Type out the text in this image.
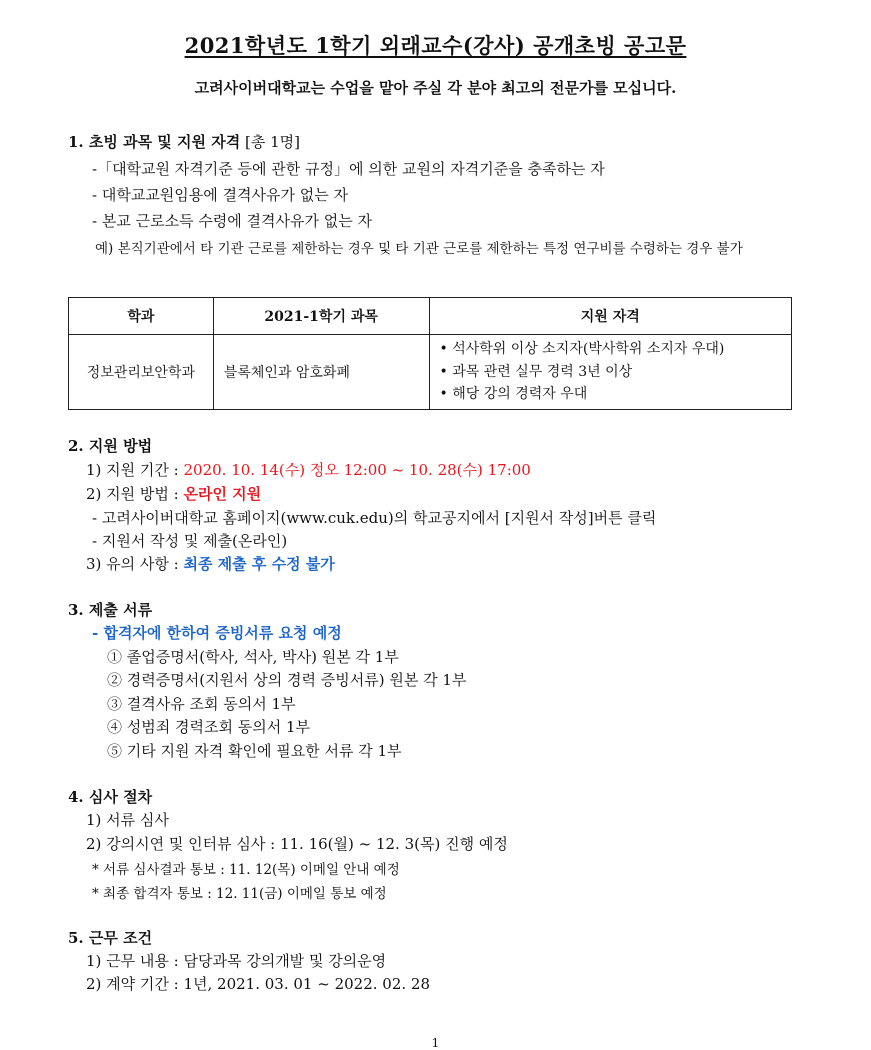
2021학년도 1학기 외래교수(강사) 공개초빙 공고문
고려사이버대학교는 수업을 맡아 주실 각 분야 최고의 전문가를 모십니다.
1. 초빙 과목 및 지원 자격 [총 1명]
-「대학교원 자격기준 등에 관한 규정」에 의한 교원의 자격기준을 충족하는 자
- 대학교교원임용에 결격사유가 없는 자
- 본교 근로소득 수령에 결격사유가 없는 자
예) 본직기관에서 타 기관 근로를 제한하는 경우 및 타 기관 근로를 제한하는 특정 연구비를 수령하는 경우 불가
학과	2021-1학기 과목	지원 자격
정보관리보안학과	블록체인과 암호화폐	• 석사학위 이상 소지자(박사학위 소지자 우대)
• 과목 관련 실무 경력 3년 이상
• 해당 강의 경력자 우대
2. 지원 방법
1) 지원 기간 : 2020. 10. 14(수) 정오 12:00 ~ 10. 28(수) 17:00
2) 지원 방법 : 온라인 지원
- 고려사이버대학교 홈페이지(www.cuk.edu)의 학교공지에서 [지원서 작성]버튼 클릭
- 지원서 작성 및 제출(온라인)
3) 유의 사항 : 최종 제출 후 수정 불가
3. 제출 서류
- 합격자에 한하여 증빙서류 요청 예정
① 졸업증명서(학사, 석사, 박사) 원본 각 1부
② 경력증명서(지원서 상의 경력 증빙서류) 원본 각 1부
③ 결격사유 조회 동의서 1부
④ 성범죄 경력조회 동의서 1부
⑤ 기타 지원 자격 확인에 필요한 서류 각 1부
4. 심사 절차
1) 서류 심사
2) 강의시연 및 인터뷰 심사 : 11. 16(월) ~ 12. 3(목) 진행 예정
* 서류 심사결과 통보 : 11. 12(목) 이메일 안내 예정
* 최종 합격자 통보 : 12. 11(금) 이메일 통보 예정
5. 근무 조건
1) 근무 내용 : 담당과목 강의개발 및 강의운영
2) 계약 기간 : 1년, 2021. 03. 01 ~ 2022. 02. 28
1
